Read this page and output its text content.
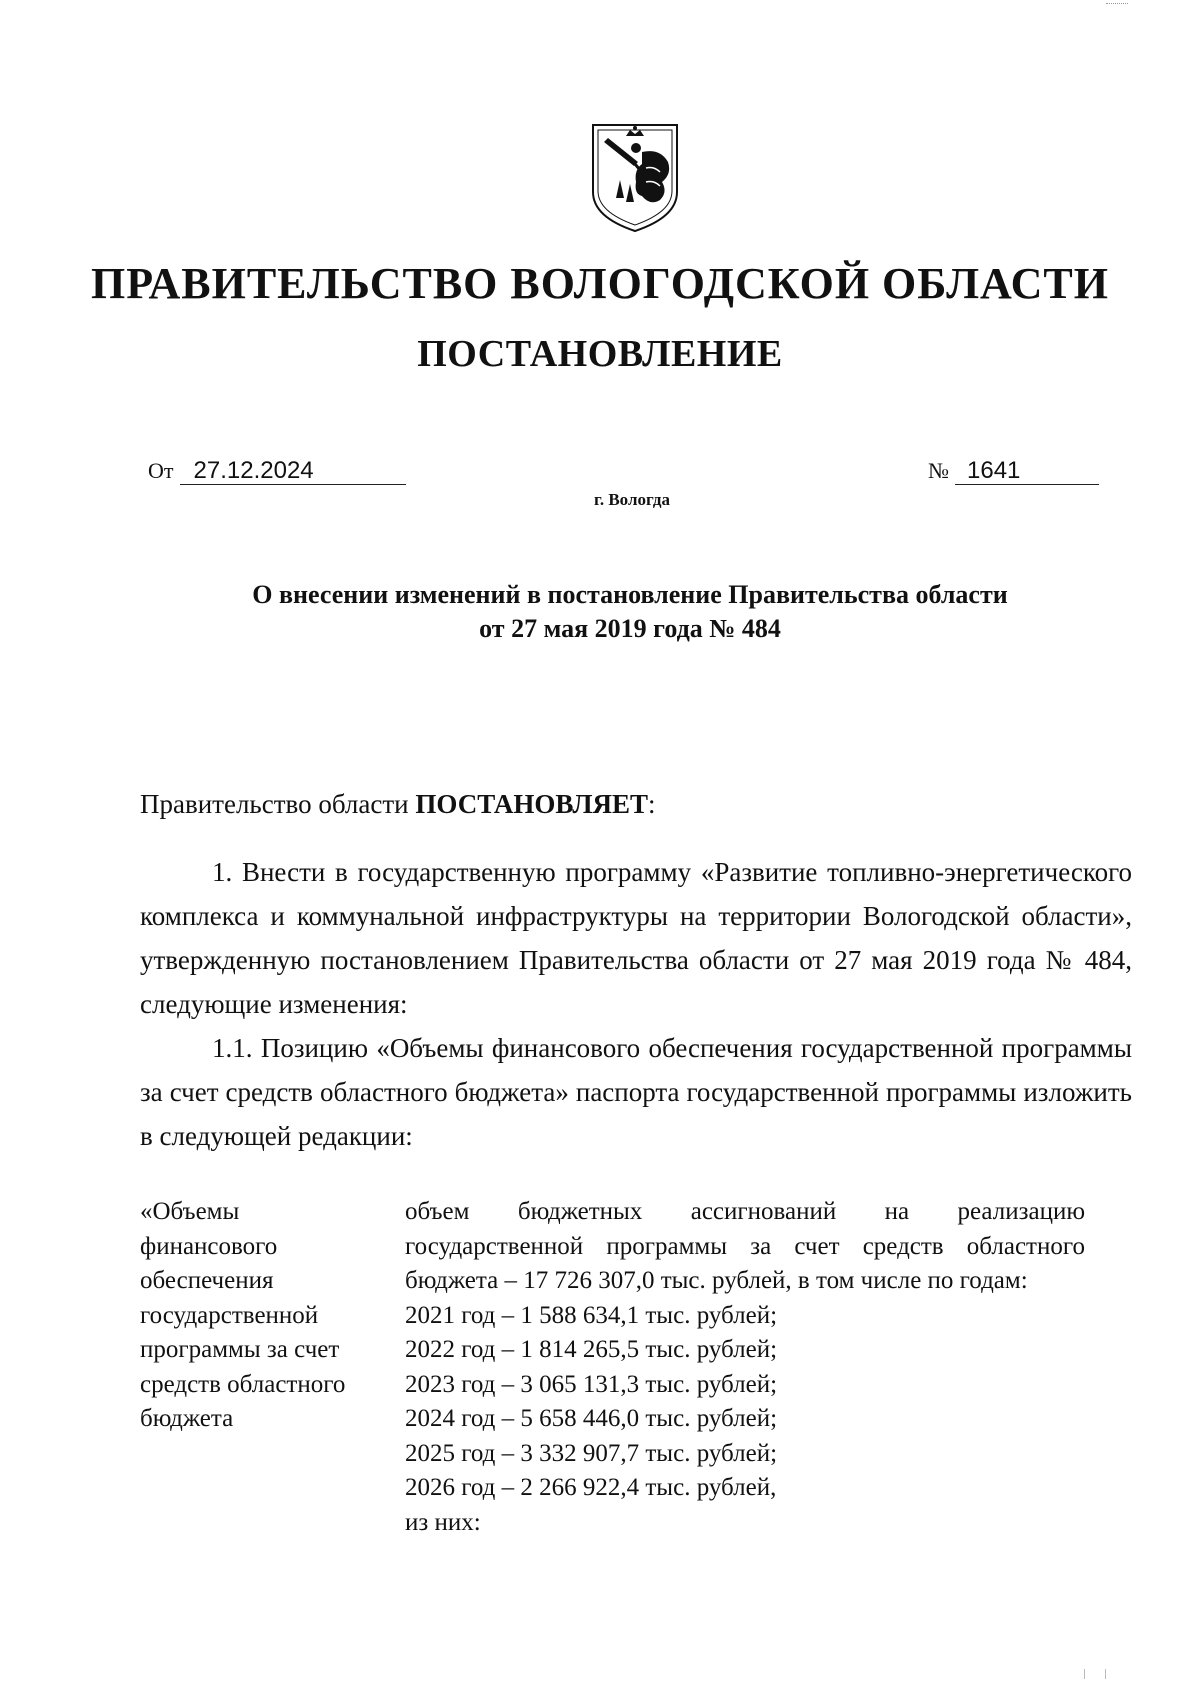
ПРАВИТЕЛЬСТВО ВОЛОГОДСКОЙ ОБЛАСТИ
ПОСТАНОВЛЕНИЕ
От 27.12.2024	№ 1641
г. Вологда
О внесении изменений в постановление Правительства области
от 27 мая 2019 года № 484
Правительство области ПОСТАНОВЛЯЕТ:

1. Внести в государственную программу «Развитие топливно-энергетического комплекса и коммунальной инфраструктуры на территории Вологодской области», утвержденную постановлением Правительства области от 27 мая 2019 года № 484, следующие изменения:

1.1. Позицию «Объемы финансового обеспечения государственной программы за счет средств областного бюджета» паспорта государственной программы изложить в следующей редакции:

«Объемы
финансового
обеспечения
государственной
программы за счет
средств областного
бюджета

объем бюджетных ассигнований на реализацию государственной программы за счет средств областного бюджета – 17 726 307,0 тыс. рублей, в том числе по годам:

2021 год – 1 588 634,1 тыс. рублей;

2022 год – 1 814 265,5 тыс. рублей;

2023 год – 3 065 131,3 тыс. рублей;

2024 год – 5 658 446,0 тыс. рублей;

2025 год – 3 332 907,7 тыс. рублей;

2026 год – 2 266 922,4 тыс. рублей,

из них:
